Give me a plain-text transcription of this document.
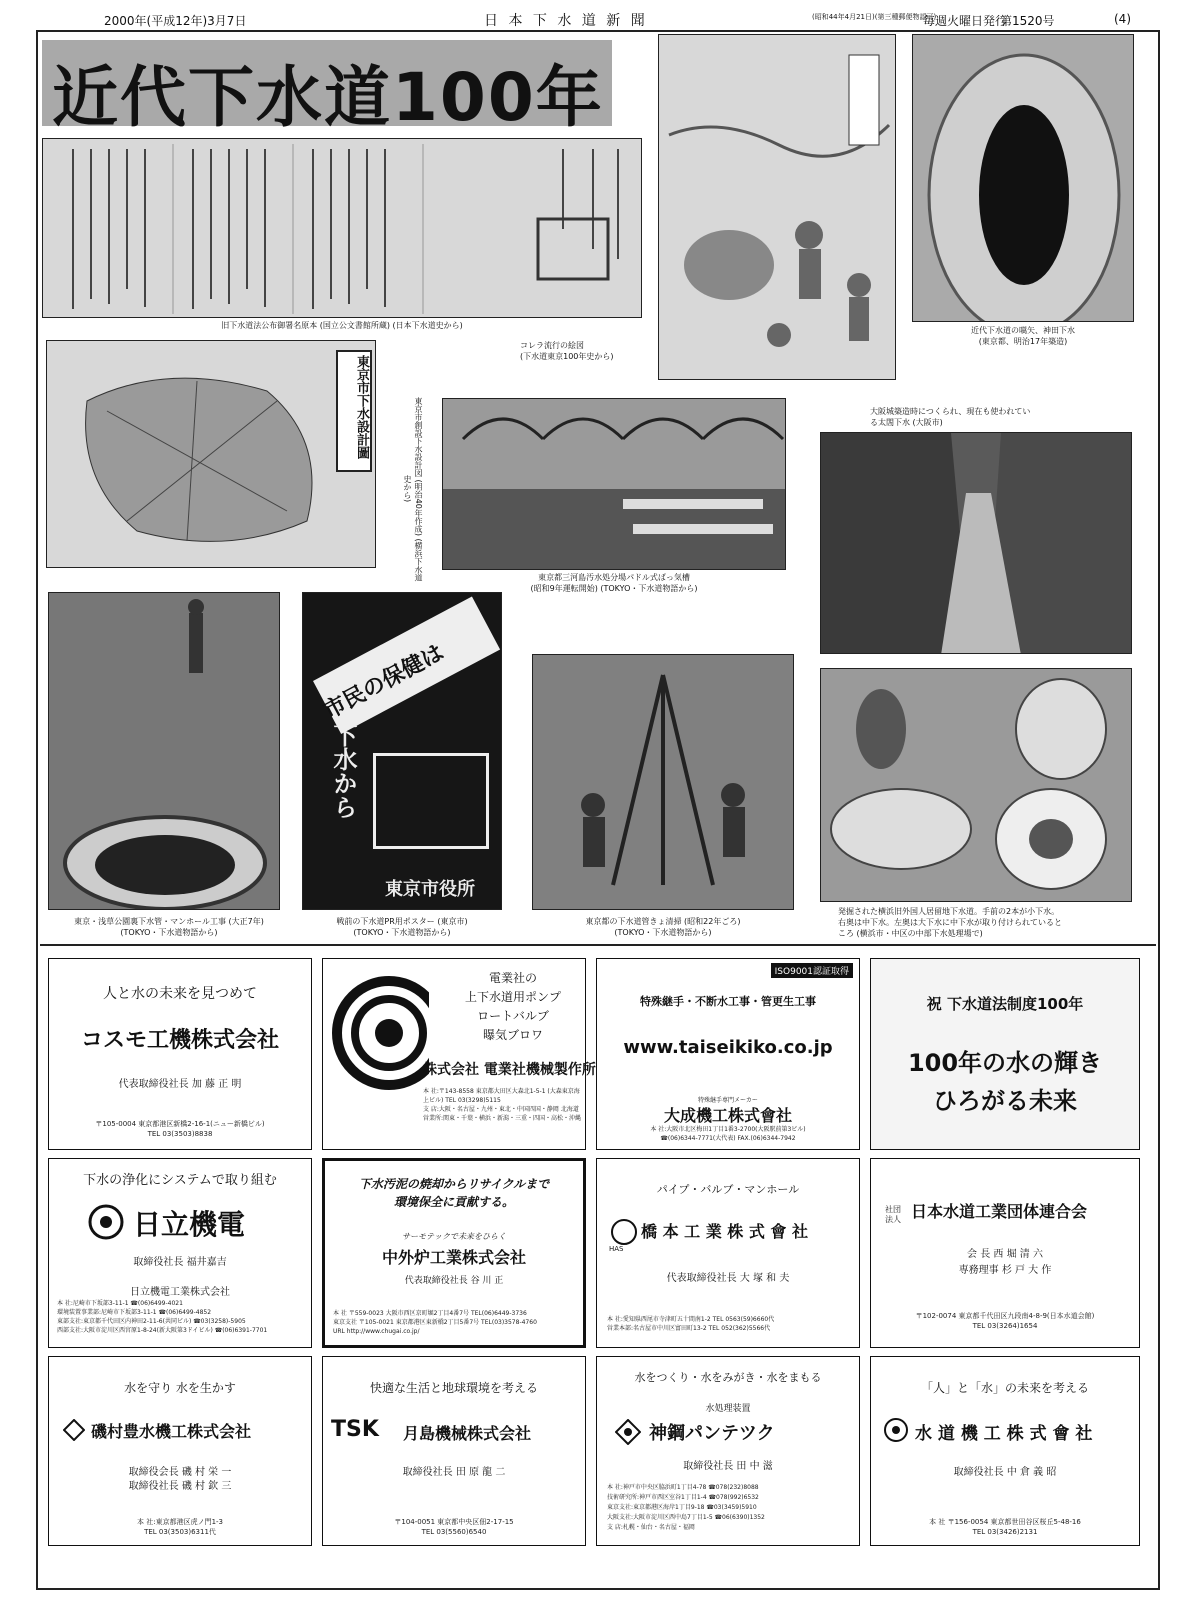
2000年(平成12年)3月7日	日 本 下 水 道 新 聞	(昭和44年4月21日)(第三種郵便物認可)
毎週火曜日発行
第1520号	(4)
近代下水道100年
旧下水道法公布御署名原本 (国立公文書館所蔵) (日本下水道史から)
コレラ流行の絵図
(下水道東京100年史から)
近代下水道の嚆矢、神田下水
(東京都、明治17年築造)
東京市下水設計圖	東京市創設下水設計図 (明治40年作成) (横浜下水道史から)
東京都三河島汚水処分場パドル式ばっ気槽
(昭和9年運転開始) (TOKYO・下水道物語から)
大阪城築造時につくられ、現在も使われてい
る太閤下水 (大阪市)
東京・浅草公園裏下水管・マンホール工事 (大正7年)
(TOKYO・下水道物語から)
市民の保健は
下水から
東京市役所
戦前の下水道PR用ポスター (東京市)
(TOKYO・下水道物語から)
東京都の下水道管きょ清掃 (昭和22年ごろ)
(TOKYO・下水道物語から)
発掘された横浜旧外国人居留地下水道。手前の2本が小下水。
右奥は中下水。左奥は大下水に中下水が取り付けられていると
ころ (横浜市・中区の中部下水処理場で)
人と水の未来を見つめて
コスモ工機株式会社
代表取締役社長 加 藤 正 明
〒105-0004 東京都港区新橋2-16-1(ニュー新橋ビル)
TEL 03(3503)8838
電業社の
上下水道用ポンプ
ロートバルブ
曝気ブロワ
株式会社 電業社機械製作所
本 社:〒143-8558 東京都大田区大森北1-5-1 (大森東京海上ビル) TEL 03(3298)5115
支 店:大阪・名古屋・九州・東北・中国四国・静岡 北海道
営業所:関東・千葉・横浜・新潟・三重・四国・高松・沖縄
ISO9001認証取得
特殊継手・不断水工事・管更生工事
www.taiseikiko.co.jp
特殊継手専門メーカー
大成機工株式會社
本 社:大阪市北区梅田1丁目1番3-2700(大阪駅前第3ビル)
☎(06)6344-7771(大代表) FAX.(06)6344-7942
祝 下水道法制度100年
100年の水の輝き
ひろがる未来
下水の浄化にシステムで取り組む
日立機電
取締役社長 福井嘉吉
日立機電工業株式会社
本 社:尼崎市下坂部3-11-1 ☎(06)6499-4021
環境装置事業部:尼崎市下坂部3-11-1 ☎(06)6499-4852
東部支社:東京都千代田区内神田2-11-6(共同ビル) ☎03(3258)-5905
西部支社:大阪市淀川区西宮原1-8-24(新大阪第3ドイビル) ☎(06)6391-7701
下水汚泥の焼却からリサイクルまで
環境保全に貢献する。
サーモテックで未来をひらく
中外炉工業株式会社
代表取締役社長 谷 川 正
本 社 〒559-0023 大阪市西区京町堀2丁目4番7号 TEL(06)6449-3736
東京支社 〒105-0021 東京都港区東新橋2丁目5番7号 TEL(03)3578-4760
URL http://www.chugai.co.jp/
パイプ・バルブ・マンホール
HAS
橋 本 工 業 株 式 會 社
代表取締役社長 大 塚 和 夫
本 社:愛知県西尾市寺津町五十間南1-2 TEL 0563(59)6660代
営業本部:名古屋市中川区富田町13-2 TEL 052(362)5566代
社団法人 日本水道工業団体連合会
会 長 西 堀 清 六
専務理事 杉 戸 大 作
〒102-0074 東京都千代田区九段南4-8-9(日本水道会館)
TEL 03(3264)1654
水を守り 水を生かす
磯村豊水機工株式会社
取締役会長 磯 村 栄 一
取締役社長 磯 村 欽 三
本 社:東京都港区虎ノ門1-3
TEL 03(3503)6311代
快適な生活と地球環境を考える
TSK 月島機械株式会社
取締役社長 田 原 龍 二
〒104-0051 東京都中央区佃2-17-15
TEL 03(5560)6540
水をつくり・水をみがき・水をまもる
水処理装置
神鋼パンテツク
取締役社長 田 中 滋
本 社:神戸市中央区脇浜町1丁目4-78 ☎078(232)8088
技術研究所:神戸市西区室谷1丁目1-4 ☎078(992)6532
東京支社:東京都港区海岸1丁目9-18 ☎03(3459)5910
大阪支社:大阪市淀川区西中島7丁目1-5 ☎06(6390)1352
支 店:札幌・仙台・名古屋・福岡
「人」と「水」の未来を考える
水 道 機 工 株 式 會 社
取締役社長 中 倉 義 昭
本 社 〒156-0054 東京都世田谷区桜丘5-48-16
TEL 03(3426)2131
